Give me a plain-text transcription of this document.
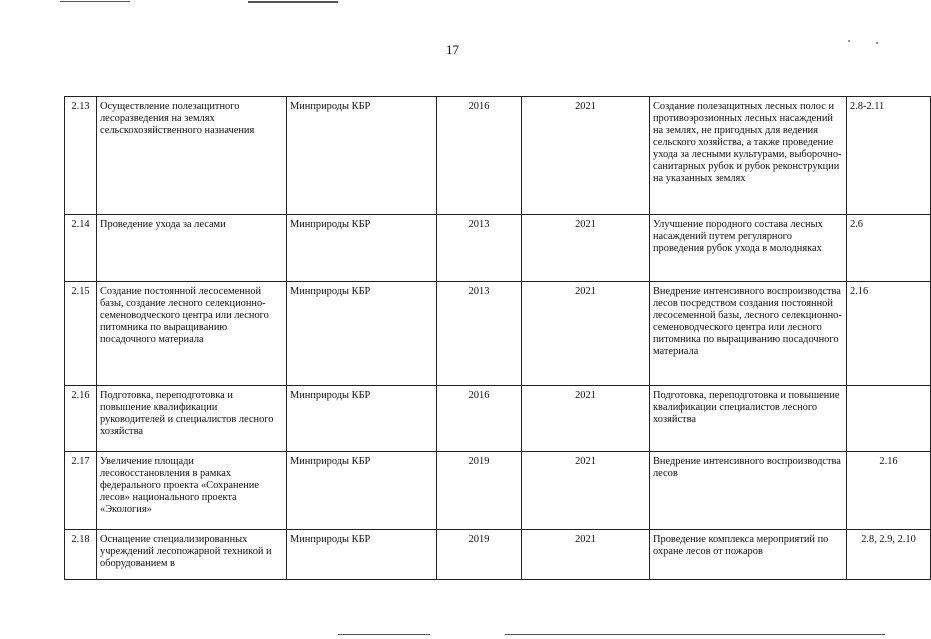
17
2.13	Осуществление полезащитного лесоразведения на землях сельскохозяйственного назначения	Минприроды КБР	2016	2021	Создание полезащитных лесных полос и противоэрозионных лесных насаждений на землях, не пригодных для ведения сельского хозяйства, а также проведение ухода за лесными культурами, выборочно-санитарных рубок и рубок реконструкции на указанных землях	2.8-2.11
2.14	Проведение ухода за лесами	Минприроды КБР	2013	2021	Улучшение породного состава лесных насаждений путем регулярного проведения рубок ухода в молодняках	2.6
2.15	Создание постоянной лесосеменной базы, создание лесного селекционно-семеноводческого центра или лесного питомника по выращиванию посадочного материала	Минприроды КБР	2013	2021	Внедрение интенсивного воспроизводства лесов посредством создания постоянной лесосеменной базы, лесного селекционно-семеноводческого центра или лесного питомника по выращиванию посадочного материала	2.16
2.16	Подготовка, переподготовка и повышение квалификации руководителей и специалистов лесного хозяйства	Минприроды КБР	2016	2021	Подготовка, переподготовка и повышение квалификации специалистов лесного хозяйства	
2.17	Увеличение площади лесовосстановления в рамках федерального проекта «Сохранение лесов» национального проекта «Экология»	Минприроды КБР	2019	2021	Внедрение интенсивного воспроизводства лесов	2.16
2.18	Оснащение специализированных учреждений лесопожарной техникой и оборудованием в	Минприроды КБР	2019	2021	Проведение комплекса мероприятий по охране лесов от пожаров	2.8, 2.9, 2.10
